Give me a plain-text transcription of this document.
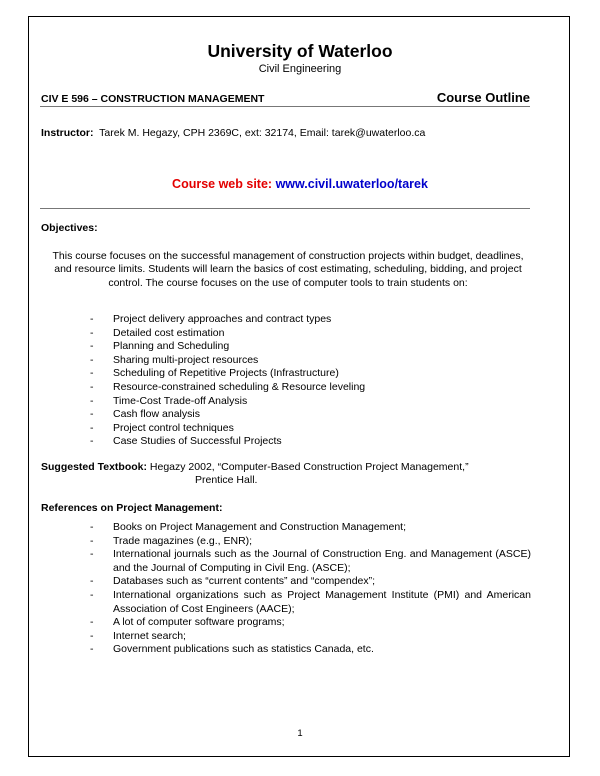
University of Waterloo
Civil Engineering
CIV E 596 – CONSTRUCTION MANAGEMENT	Course Outline
Instructor: Tarek M. Hegazy, CPH 2369C, ext: 32174, Email: tarek@uwaterloo.ca
Course web site: www.civil.uwaterloo/tarek
Objectives:
This course focuses on the successful management of construction projects within budget, deadlines, and resource limits. Students will learn the basics of cost estimating, scheduling, bidding, and project control. The course focuses on the use of computer tools to train students on:
- Project delivery approaches and contract types
- Detailed cost estimation
- Planning and Scheduling
- Sharing multi-project resources
- Scheduling of Repetitive Projects (Infrastructure)
- Resource-constrained scheduling & Resource leveling
- Time-Cost Trade-off Analysis
- Cash flow analysis
- Project control techniques
- Case Studies of Successful Projects
Suggested Textbook: Hegazy 2002, “Computer-Based Construction Project Management,”
Prentice Hall.
References on Project Management:
- Books on Project Management and Construction Management;
- Trade magazines (e.g., ENR);
- International journals such as the Journal of Construction Eng. and Management (ASCE) and the Journal of Computing in Civil Eng. (ASCE);
- Databases such as “current contents” and “compendex”;
- International organizations such as Project Management Institute (PMI) and American Association of Cost Engineers (AACE);
- A lot of computer software programs;
- Internet search;
- Government publications such as statistics Canada, etc.
1
